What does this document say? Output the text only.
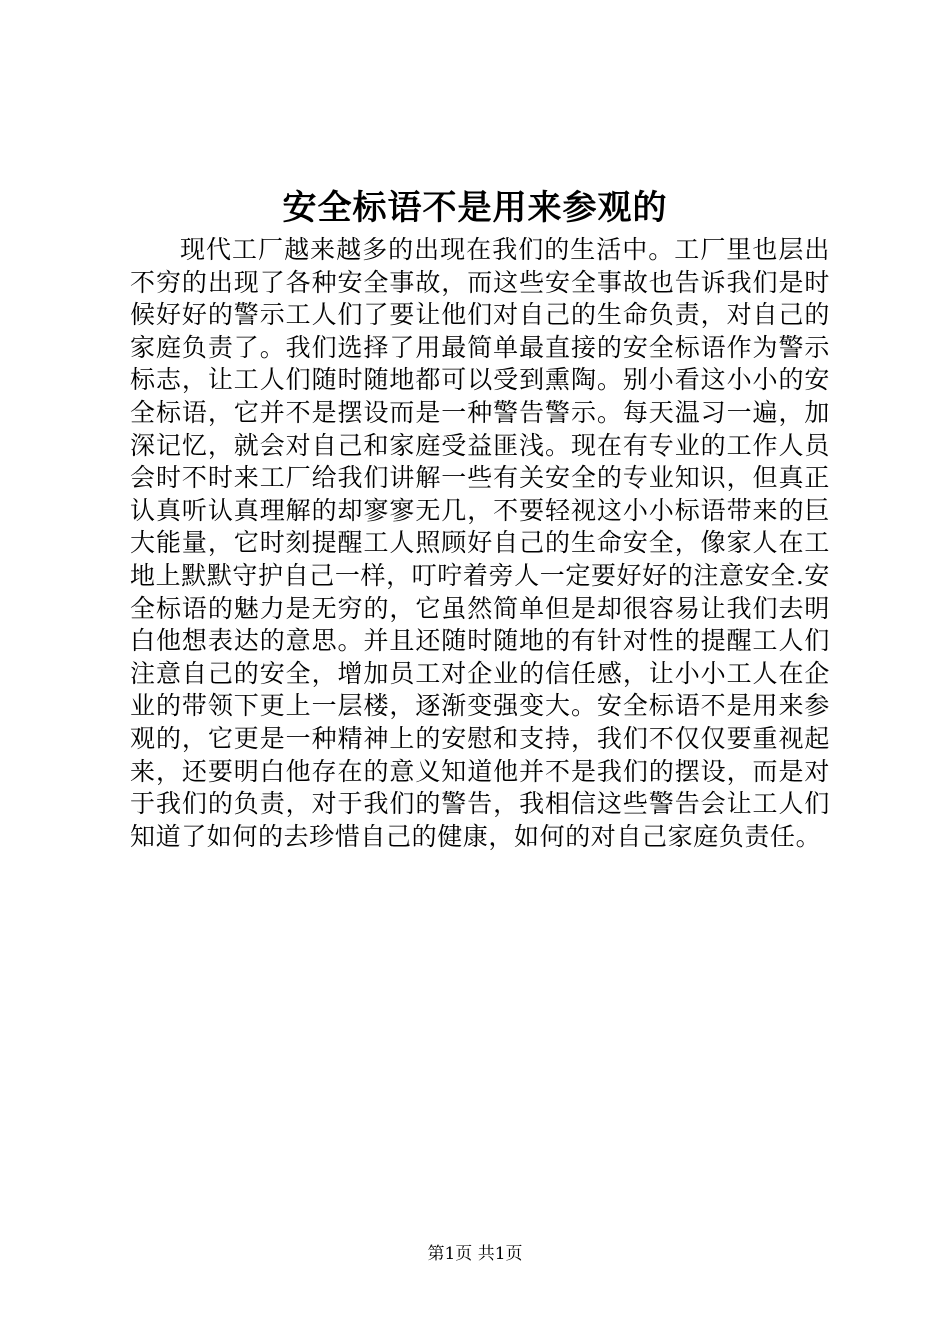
安全标语不是用来参观的

现代工厂越来越多的出现在我们的生活中。工厂里也层出不穷的出现了各种安全事故，而这些安全事故也告诉我们是时候好好的警示工人们了要让他们对自己的生命负责，对自己的家庭负责了。我们选择了用最简单最直接的安全标语作为警示标志，让工人们随时随地都可以受到熏陶。别小看这小小的安全标语，它并不是摆设而是一种警告警示。每天温习一遍，加深记忆，就会对自己和家庭受益匪浅。现在有专业的工作人员会时不时来工厂给我们讲解一些有关安全的专业知识，但真正认真听认真理解的却寥寥无几，不要轻视这小小标语带来的巨大能量，它时刻提醒工人照顾好自己的生命安全，像家人在工地上默默守护自己一样，叮咛着旁人一定要好好的注意安全.安全标语的魅力是无穷的，它虽然简单但是却很容易让我们去明白他想表达的意思。并且还随时随地的有针对性的提醒工人们注意自己的安全，增加员工对企业的信任感，让小小工人在企业的带领下更上一层楼，逐渐变强变大。安全标语不是用来参观的，它更是一种精神上的安慰和支持，我们不仅仅要重视起来，还要明白他存在的意义知道他并不是我们的摆设，而是对于我们的负责，对于我们的警告，我相信这些警告会让工人们知道了如何的去珍惜自己的健康，如何的对自己家庭负责任。

第1页 共1页
